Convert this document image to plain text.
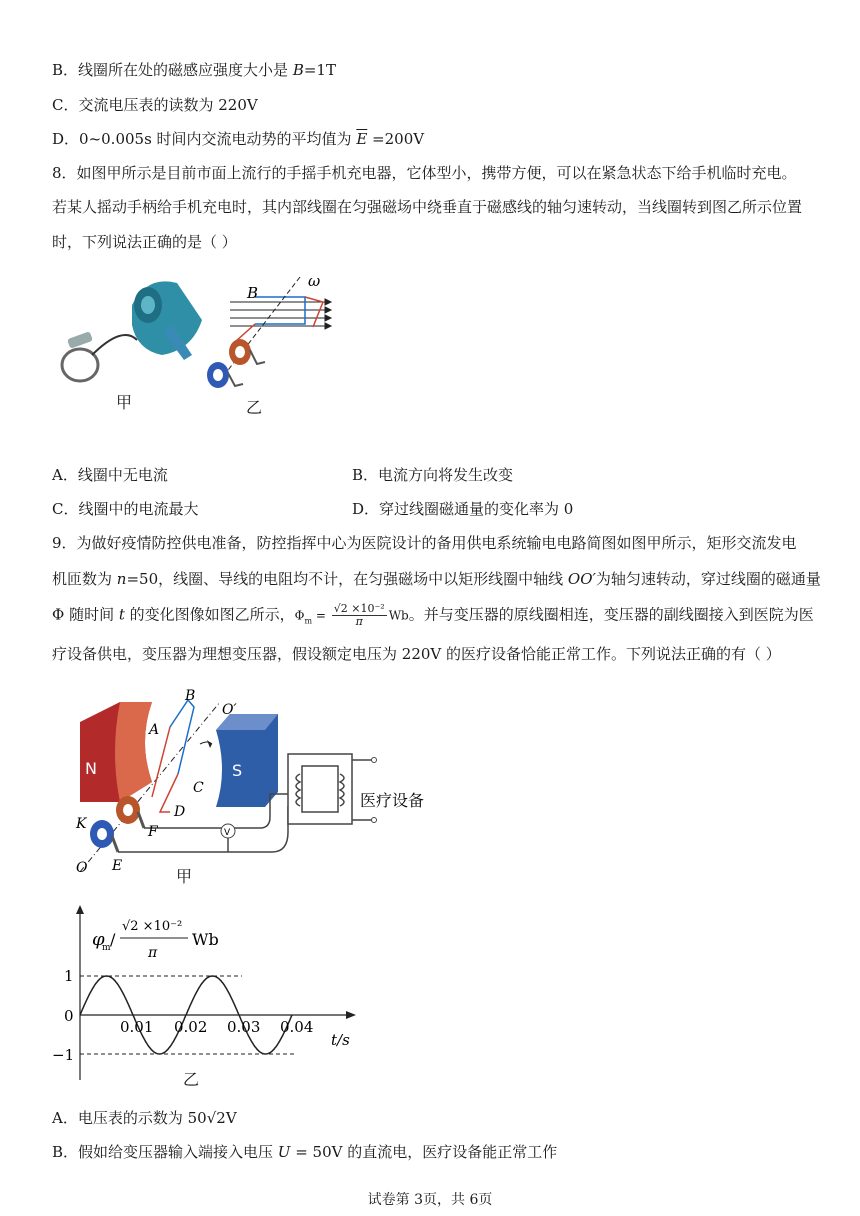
B．线圈所在处的磁感应强度大小是 B=1T
C．交流电压表的读数为 220V
D．0~0.005s 时间内交流电动势的平均值为 $\overline{E} =200V$
8．如图甲所示是目前市面上流行的手摇手机充电器，它体型小，携带方便，可以在紧急状态下给手机临时充电。
若某人摇动手柄给手机充电时，其内部线圈在匀强磁场中绕垂直于磁感线的轴匀速转动，当线圈转到图乙所示位置
时，下列说法正确的是（ ）
B
ω
甲	乙
A．线圈中无电流	B．电流方向将发生改变
C．线圈中的电流最大	D．穿过线圈磁通量的变化率为 0
9．为做好疫情防控供电准备，防控指挥中心为医院设计的备用供电系统输电电路简图如图甲所示，矩形交流发电
机匝数为 n=50，线圈、导线的电阻均不计，在匀强磁场中以矩形线圈中轴线 OO′为轴匀速转动，穿过线圈的磁通量
Φ 随时间 t 的变化图像如图乙所示，$\Phi_m = \frac{\text{√2 ×10⁻²}}{\pi}$ Wb。并与变压器的原线圈相连，变压器的副线圈接入到医院为医
疗设备供电，变压器为理想变压器，假设额定电压为 220V 的医疗设备恰能正常工作。下列说法正确的有（ ）
N	S
V
医疗设备
B
A
C
D
F
K
O E
O′
甲
1
0
−1
0.01 0.02 0.03 0.04
t/s
φ
m /
√2 ×10⁻²
π
Wb
乙
A．电压表的示数为 50√2V
B．假如给变压器输入端接入电压 U = 50V 的直流电，医疗设备能正常工作
试卷第 3页，共 6页
